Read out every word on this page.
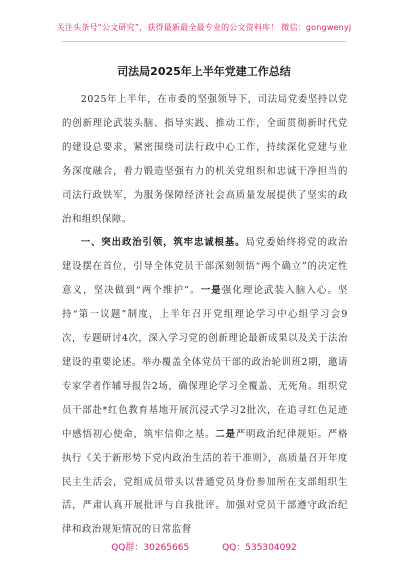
关注头条号“公文研究”，获得最新最全最专业的公文资料库！ 微信：gongwenyj
司法局2025年上半年党建工作总结

2025年上半年，在市委的坚强领导下，司法局党委坚持以党的创新理论武装头脑、指导实践、推动工作，全面贯彻新时代党的建设总要求，紧密围绕司法行政中心工作，持续深化党建与业务深度融合，着力锻造坚强有力的机关党组织和忠诚干净担当的司法行政铁军，为服务保障经济社会高质量发展提供了坚实的政治和组织保障。

一、突出政治引领，筑牢忠诚根基。局党委始终将党的政治建设摆在首位，引导全体党员干部深刻领悟“两个确立”的决定性意义，坚决做到“两个维护”。一是强化理论武装入脑入心。坚持“第一议题”制度，上半年召开党组理论学习中心组学习会9次，专题研讨4次，深入学习党的创新理论最新成果以及关于法治建设的重要论述。举办覆盖全体党员干部的政治轮训班2期，邀请专家学者作辅导报告2场，确保理论学习全覆盖、无死角。组织党员干部赴*红色教育基地开展沉浸式学习2批次，在追寻红色足迹中感悟初心使命，筑牢信仰之基。二是严明政治纪律规矩。严格执行《关于新形势下党内政治生活的若干准则》，高质量召开年度民主生活会，党组成员带头以普通党员身份参加所在支部组织生活，严肃认真开展批评与自我批评。加强对党员干部遵守政治纪律和政治规矩情况的日常监督

QQ群：30265665	QQ：535304092
